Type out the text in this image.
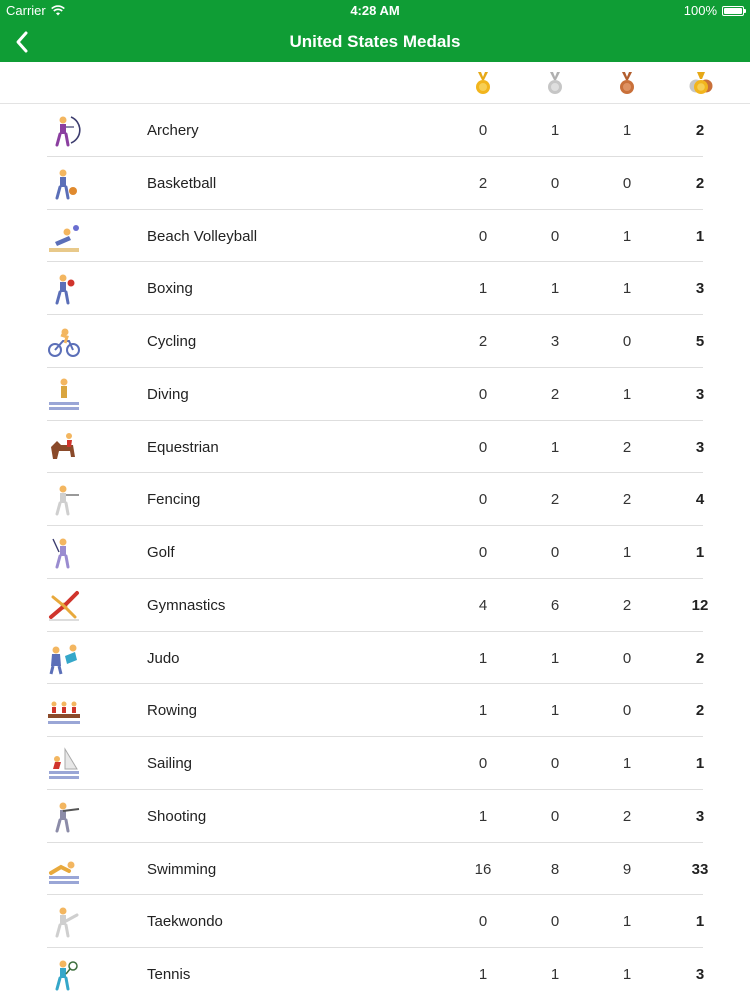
Carrier	4:28 AM	100%
United States Medals
Archery	0	1	1	2
Basketball	2	0	0	2
Beach Volleyball	0	0	1	1
Boxing	1	1	1	3
Cycling	2	3	0	5
Diving	0	2	1	3
Equestrian	0	1	2	3
Fencing	0	2	2	4
Golf	0	0	1	1
Gymnastics	4	6	2	12
Judo	1	1	0	2
Rowing	1	1	0	2
Sailing	0	0	1	1
Shooting	1	0	2	3
Swimming	16	8	9	33
Taekwondo	0	0	1	1
Tennis	1	1	1	3
